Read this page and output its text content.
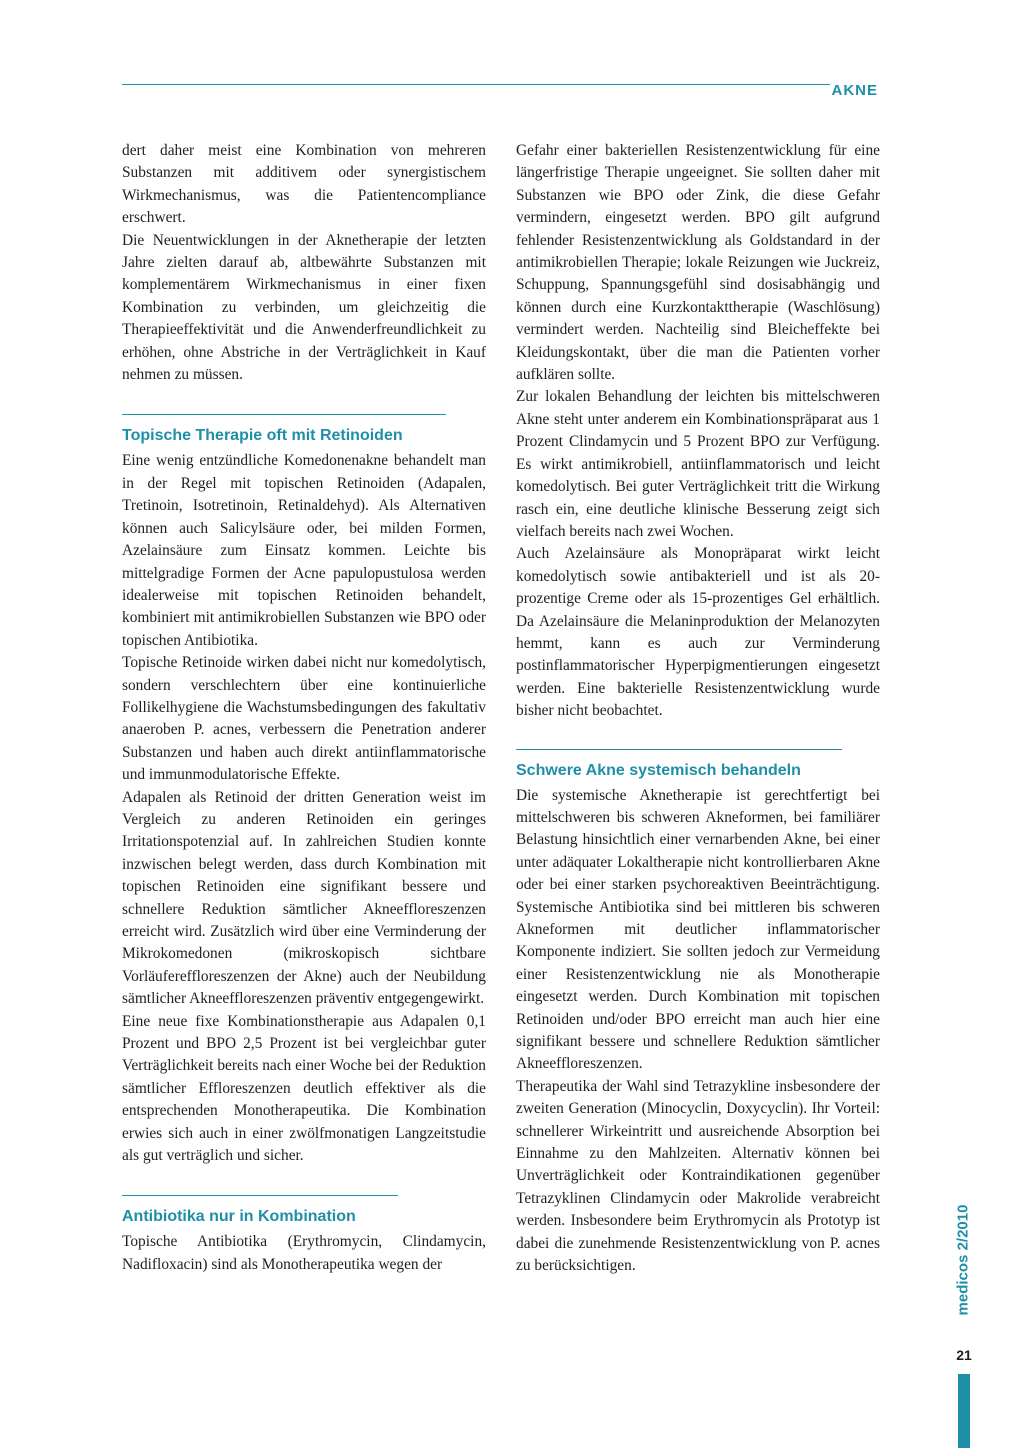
AKNE

dert daher meist eine Kombination von mehreren Substanzen mit additivem oder synergistischem Wirkmechanismus, was die Patientencompliance erschwert.

Die Neuentwicklungen in der Aknetherapie der letzten Jahre zielten darauf ab, altbewährte Substanzen mit komplementärem Wirkmechanismus in einer fixen Kombination zu verbinden, um gleichzeitig die Therapieeffektivität und die Anwenderfreundlichkeit zu erhöhen, ohne Abstriche in der Verträglichkeit in Kauf nehmen zu müssen.

Topische Therapie oft mit Retinoiden

Eine wenig entzündliche Komedonenakne behandelt man in der Regel mit topischen Retinoiden (Adapalen, Tretinoin, Isotretinoin, Retinaldehyd). Als Alternativen können auch Salicylsäure oder, bei milden Formen, Azelainsäure zum Einsatz kommen. Leichte bis mittelgradige Formen der Acne papulopustulosa werden idealerweise mit topischen Retinoiden behandelt, kombiniert mit antimikrobiellen Substanzen wie BPO oder topischen Antibiotika.

Topische Retinoide wirken dabei nicht nur komedolytisch, sondern verschlechtern über eine kontinuierliche Follikelhygiene die Wachstumsbedingungen des fakultativ anaeroben P. acnes, verbessern die Penetration anderer Substanzen und haben auch direkt antiinflammatorische und immunmodulatorische Effekte.

Adapalen als Retinoid der dritten Generation weist im Vergleich zu anderen Retinoiden ein geringes Irritationspotenzial auf. In zahlreichen Studien konnte inzwischen belegt werden, dass durch Kombination mit topischen Retinoiden eine signifikant bessere und schnellere Reduktion sämtlicher Akneeffloreszenzen erreicht wird. Zusätzlich wird über eine Verminderung der Mikrokomedonen (mikroskopisch sichtbare Vorläufereffloreszenzen der Akne) auch der Neubildung sämtlicher Akneeffloreszenzen präventiv entgegengewirkt.

Eine neue fixe Kombinationstherapie aus Adapalen 0,1 Prozent und BPO 2,5 Prozent ist bei vergleichbar guter Verträglichkeit bereits nach einer Woche bei der Reduktion sämtlicher Effloreszenzen deutlich effektiver als die entsprechenden Monotherapeutika. Die Kombination erwies sich auch in einer zwölfmonatigen Langzeitstudie als gut verträglich und sicher.

Antibiotika nur in Kombination

Topische Antibiotika (Erythromycin, Clindamycin, Nadifloxacin) sind als Monotherapeutika wegen der

Gefahr einer bakteriellen Resistenzentwicklung für eine längerfristige Therapie ungeeignet. Sie sollten daher mit Substanzen wie BPO oder Zink, die diese Gefahr vermindern, eingesetzt werden. BPO gilt aufgrund fehlender Resistenzentwicklung als Goldstandard in der antimikrobiellen Therapie; lokale Reizungen wie Juckreiz, Schuppung, Spannungsgefühl sind dosisabhängig und können durch eine Kurzkontakttherapie (Waschlösung) vermindert werden. Nachteilig sind Bleicheffekte bei Kleidungskontakt, über die man die Patienten vorher aufklären sollte.

Zur lokalen Behandlung der leichten bis mittelschweren Akne steht unter anderem ein Kombinationspräparat aus 1 Prozent Clindamycin und 5 Prozent BPO zur Verfügung. Es wirkt antimikrobiell, antiinflammatorisch und leicht komedolytisch. Bei guter Verträglichkeit tritt die Wirkung rasch ein, eine deutliche klinische Besserung zeigt sich vielfach bereits nach zwei Wochen.

Auch Azelainsäure als Monopräparat wirkt leicht komedolytisch sowie antibakteriell und ist als 20-prozentige Creme oder als 15-prozentiges Gel erhältlich. Da Azelainsäure die Melaninproduktion der Melanozyten hemmt, kann es auch zur Verminderung postinflammatorischer Hyperpigmentierungen eingesetzt werden. Eine bakterielle Resistenzentwicklung wurde bisher nicht beobachtet.

Schwere Akne systemisch behandeln

Die systemische Aknetherapie ist gerechtfertigt bei mittelschweren bis schweren Akneformen, bei familiärer Belastung hinsichtlich einer vernarbenden Akne, bei einer unter adäquater Lokaltherapie nicht kontrollierbaren Akne oder bei einer starken psychoreaktiven Beeinträchtigung. Systemische Antibiotika sind bei mittleren bis schweren Akneformen mit deutlicher inflammatorischer Komponente indiziert. Sie sollten jedoch zur Vermeidung einer Resistenzentwicklung nie als Monotherapie eingesetzt werden. Durch Kombination mit topischen Retinoiden und/oder BPO erreicht man auch hier eine signifikant bessere und schnellere Reduktion sämtlicher Akneeffloreszenzen.

Therapeutika der Wahl sind Tetrazykline insbesondere der zweiten Generation (Minocyclin, Doxycyclin). Ihr Vorteil: schnellerer Wirkeintritt und ausreichende Absorption bei Einnahme zu den Mahlzeiten. Alternativ können bei Unverträglichkeit oder Kontraindikationen gegenüber Tetrazyklinen Clindamycin oder Makrolide verabreicht werden. Insbesondere beim Erythromycin als Prototyp ist dabei die zunehmende Resistenzentwicklung von P. acnes zu berücksichtigen.	medicos 2/2010
21
